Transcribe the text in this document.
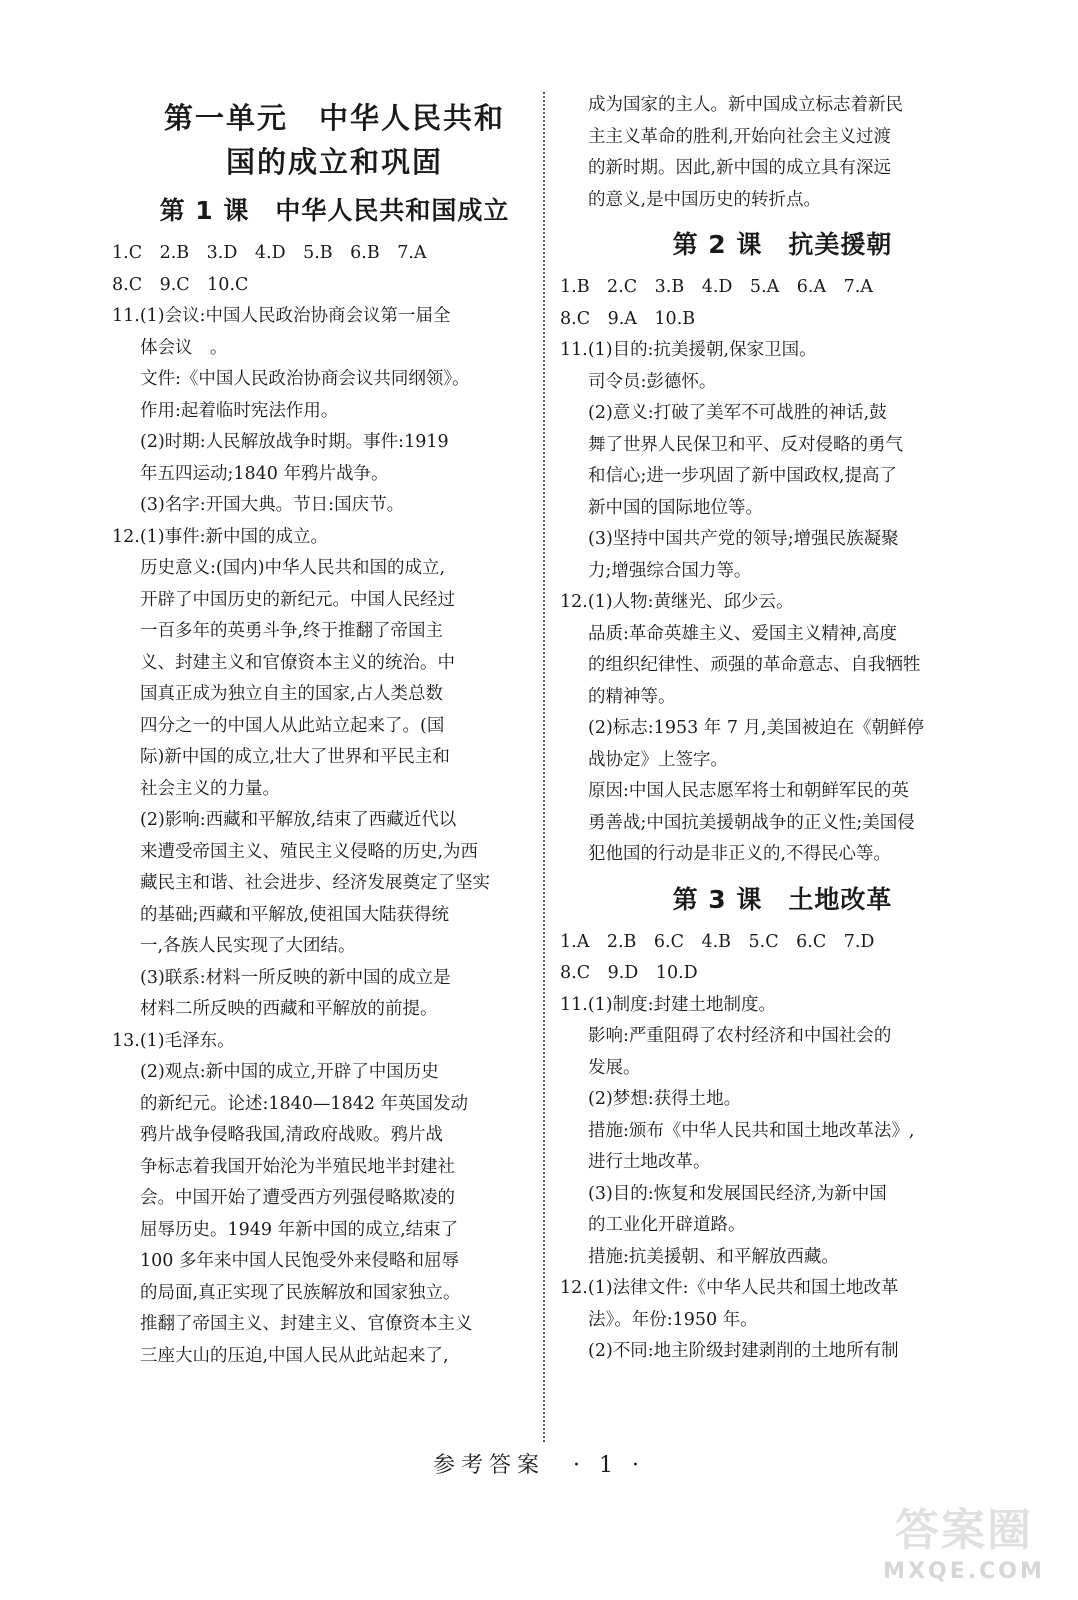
第一单元　中华人民共和
国的成立和巩固
第 1 课　中华人民共和国成立
1.C　2.B　3.D　4.D　5.B　6.B　7.A
8.C　9.C　10.C
11.(1)会议:中国人民政治协商会议第一届全
体会议　。
文件:《中国人民政治协商会议共同纲领》。
作用:起着临时宪法作用。
(2)时期:人民解放战争时期。事件:1919
年五四运动;1840 年鸦片战争。
(3)名字:开国大典。节日:国庆节。
12.(1)事件:新中国的成立。
历史意义:(国内)中华人民共和国的成立,
开辟了中国历史的新纪元。中国人民经过
一百多年的英勇斗争,终于推翻了帝国主
义、封建主义和官僚资本主义的统治。中
国真正成为独立自主的国家,占人类总数
四分之一的中国人从此站立起来了。(国
际)新中国的成立,壮大了世界和平民主和
社会主义的力量。
(2)影响:西藏和平解放,结束了西藏近代以
来遭受帝国主义、殖民主义侵略的历史,为西
藏民主和谐、社会进步、经济发展奠定了坚实
的基础;西藏和平解放,使祖国大陆获得统
一,各族人民实现了大团结。
(3)联系:材料一所反映的新中国的成立是
材料二所反映的西藏和平解放的前提。
13.(1)毛泽东。
(2)观点:新中国的成立,开辟了中国历史
的新纪元。论述:1840—1842 年英国发动
鸦片战争侵略我国,清政府战败。鸦片战
争标志着我国开始沦为半殖民地半封建社
会。中国开始了遭受西方列强侵略欺凌的
屈辱历史。1949 年新中国的成立,结束了
100 多年来中国人民饱受外来侵略和屈辱
的局面,真正实现了民族解放和国家独立。
推翻了帝国主义、封建主义、官僚资本主义
三座大山的压迫,中国人民从此站起来了,
成为国家的主人。新中国成立标志着新民
主主义革命的胜利,开始向社会主义过渡
的新时期。因此,新中国的成立具有深远
的意义,是中国历史的转折点。
第 2 课　抗美援朝
1.B　2.C　3.B　4.D　5.A　6.A　7.A
8.C　9.A　10.B
11.(1)目的:抗美援朝,保家卫国。
司令员:彭德怀。
(2)意义:打破了美军不可战胜的神话,鼓
舞了世界人民保卫和平、反对侵略的勇气
和信心;进一步巩固了新中国政权,提高了
新中国的国际地位等。
(3)坚持中国共产党的领导;增强民族凝聚
力;增强综合国力等。
12.(1)人物:黄继光、邱少云。
品质:革命英雄主义、爱国主义精神,高度
的组织纪律性、顽强的革命意志、自我牺牲
的精神等。
(2)标志:1953 年 7 月,美国被迫在《朝鲜停
战协定》上签字。
原因:中国人民志愿军将士和朝鲜军民的英
勇善战;中国抗美援朝战争的正义性;美国侵
犯他国的行动是非正义的,不得民心等。
第 3 课　土地改革
1.A　2.B　6.C　4.B　5.C　6.C　7.D
8.C　9.D　10.D
11.(1)制度:封建土地制度。
影响:严重阻碍了农村经济和中国社会的
发展。
(2)梦想:获得土地。
措施:颁布《中华人民共和国土地改革法》,
进行土地改革。
(3)目的:恢复和发展国民经济,为新中国
的工业化开辟道路。
措施:抗美援朝、和平解放西藏。
12.(1)法律文件:《中华人民共和国土地改革
法》。年份:1950 年。
(2)不同:地主阶级封建剥削的土地所有制
参考答案　· 1 ·
答案圈
MXQE.COM
